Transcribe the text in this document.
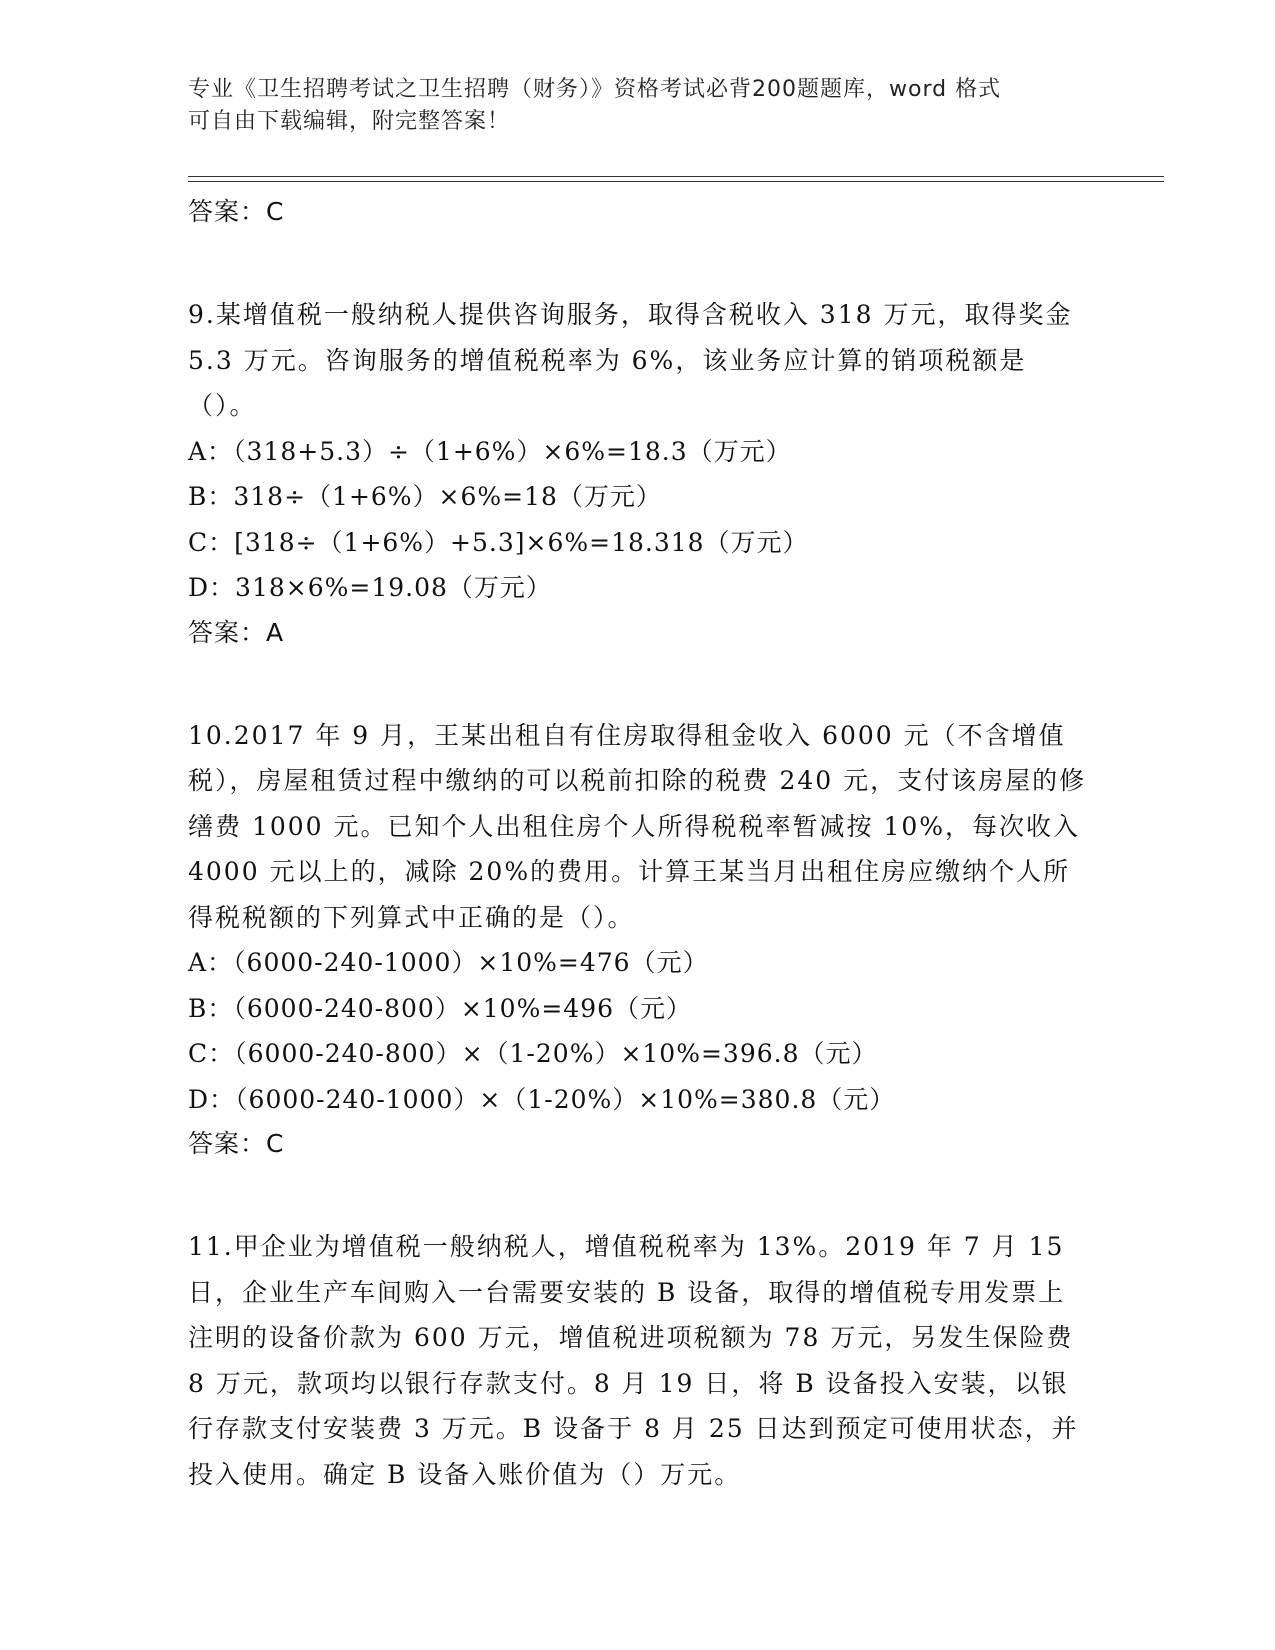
专业《卫生招聘考试之卫生招聘（财务）》资格考试必背200题题库，word 格式
可自由下载编辑，附完整答案！
答案：C
9.某增值税一般纳税人提供咨询服务，取得含税收入 318 万元，取得奖金 5.3 万元。咨询服务的增值税税率为 6%，该业务应计算的销项税额是（）。
A：（318+5.3）÷（1+6%）×6%=18.3（万元）
B：318÷（1+6%）×6%=18（万元）
C：[318÷（1+6%）+5.3]×6%=18.318（万元）
D：318×6%=19.08（万元）
答案：A
10.2017 年 9 月，王某出租自有住房取得租金收入 6000 元（不含增值税），房屋租赁过程中缴纳的可以税前扣除的税费 240 元，支付该房屋的修缮费 1000 元。已知个人出租住房个人所得税税率暂减按 10%，每次收入 4000 元以上的，减除 20%的费用。计算王某当月出租住房应缴纳个人所得税税额的下列算式中正确的是（）。
A：（6000-240-1000）×10%=476（元）
B：（6000-240-800）×10%=496（元）
C：（6000-240-800）×（1-20%）×10%=396.8（元）
D：（6000-240-1000）×（1-20%）×10%=380.8（元）
答案：C
11.甲企业为增值税一般纳税人，增值税税率为 13%。2019 年 7 月 15 日，企业生产车间购入一台需要安装的 B 设备，取得的增值税专用发票上注明的设备价款为 600 万元，增值税进项税额为 78 万元，另发生保险费 8 万元，款项均以银行存款支付。8 月 19 日，将 B 设备投入安装，以银行存款支付安装费 3 万元。B 设备于 8 月 25 日达到预定可使用状态，并投入使用。确定 B 设备入账价值为（）万元。
